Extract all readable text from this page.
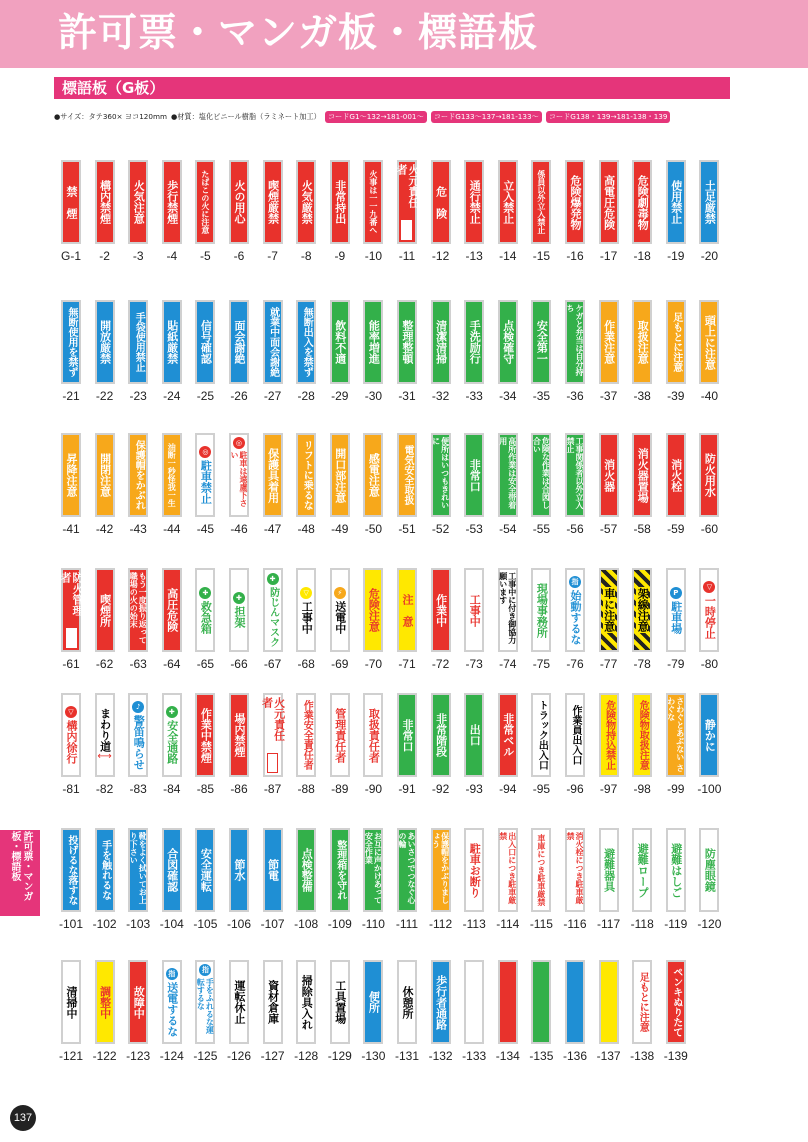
許可票・マンガ板・標語板
標語板（G板）
●サイズ：タテ360× ヨコ120mm ●材質：塩化ビニール樹脂（ラミネート加工） コードG1〜132→181-001〜	コードG133〜137→181-133〜	コードG138・139→181-138・139
禁　煙
G-1
構内禁煙
-2
火気注意
-3
歩行禁煙
-4
たばこの火に注意
-5
火の用心
-6
喫煙厳禁
-7
火気厳禁
-8
非常持出
-9
火事は一一九番へ
-10
火元責任者
-11
危　険
-12
通行禁止
-13
立入禁止
-14
係員以外立入禁止
-15
危険爆発物
-16
高電圧危険
-17
危険劇毒物
-18
使用禁止
-19
土足厳禁
-20
無断使用を禁ず
-21
開放厳禁
-22
手袋使用禁止
-23
貼紙厳禁
-24
信号確認
-25
面会謝絶
-26
就業中面会謝絶
-27
無断出入を禁ず
-28
飲料不適
-29
能率増進
-30
整理整頓
-31
清潔清掃
-32
手洗励行
-33
点検確守
-34
安全第一
-35
ケガと弁当は自分持ち
-36
作業注意
-37
取扱注意
-38
足もとに注意
-39
頭上に注意
-40
昇降注意
-41
開閉注意
-42
保護帽をかぶれ
-43
油断一秒怪我一生
-44
◎
駐車禁止
-45
◎
駐車は遠慮下さい
-46
保護具着用
-47
リフトに乗るな
-48
開口部注意
-49
感電注意
-50
電気安全取扱
-51
便所はいつもきれいに
-52
非常口
-53
高所作業は安全帯着用
-54
危険な作業は合図し合い
-55
工事関係者以外立入禁止
-56
消火器
-57
消火器置場
-58
消火栓
-59
防火用水
-60
防火管理者
-61
喫煙所
-62
もう一度振り返って職場の火の始末
-63
高圧危険
-64
✚
救急箱
-65
✚
担架
-66
✚
防じんマスク
-67
▽
工事中
-68
⚡
送電中
-69
危険注意
-70
注　意
-71
作業中
-72
工事中
-73
工事中に付き御協力願います
-74
現場事務所
-75
指
始動するな
-76
車に注意
-77
架線注意
-78
P
駐車場
-79
▽
一時停止
-80
▽
構内徐行
-81
まわり道
⟷
-82
♪
警笛鳴らせ
-83
✚
安全通路
-84
作業中禁煙
-85
場内禁煙
-86
火元責任者
-87
作業安全責任者
-88
管理責任者
-89
取扱責任者
-90
非常口
-91
非常階段
-92
出口
-93
非常ベル
-94
トラック出入口
-95
作業員出入口
-96
危険物持込禁止
-97
危険物取扱注意
-98
さわぐとあぶない さわぐな
-99
静かに
-100
投げるな落すな
-101
手を触れるな
-102
靴をよく拭いてお上り下さい
-103
合図確認
-104
安全運転
-105
節水
-106
節電
-107
点検整備
-108
整理箱を守れ
-109
お互に声かけあって安全作業
-110
あいさつでつなぐ心の輪
-111
保護帽をかぶりましょう
-112
駐車お断り
-113
出入口につき駐車厳禁
-114
車庫につき駐車厳禁
-115
消火栓につき駐車厳禁
-116
避難器具
-117
避難ロープ
-118
避難はしご
-119
防塵眼鏡
-120
清掃中
-121
調整中
-122
故障中
-123
指
送電するな
-124
指
手をふれるな運転するな
-125
運転休止
-126
資材倉庫
-127
掃除具入れ
-128
工具置場
-129
便所
-130
休憩所
-131
歩行者通路
-132 -133 -134 -135 -136 -137
足もとに注意
-138
ペンキぬりたて
-139
許可票・マンガ板・標語板
137
